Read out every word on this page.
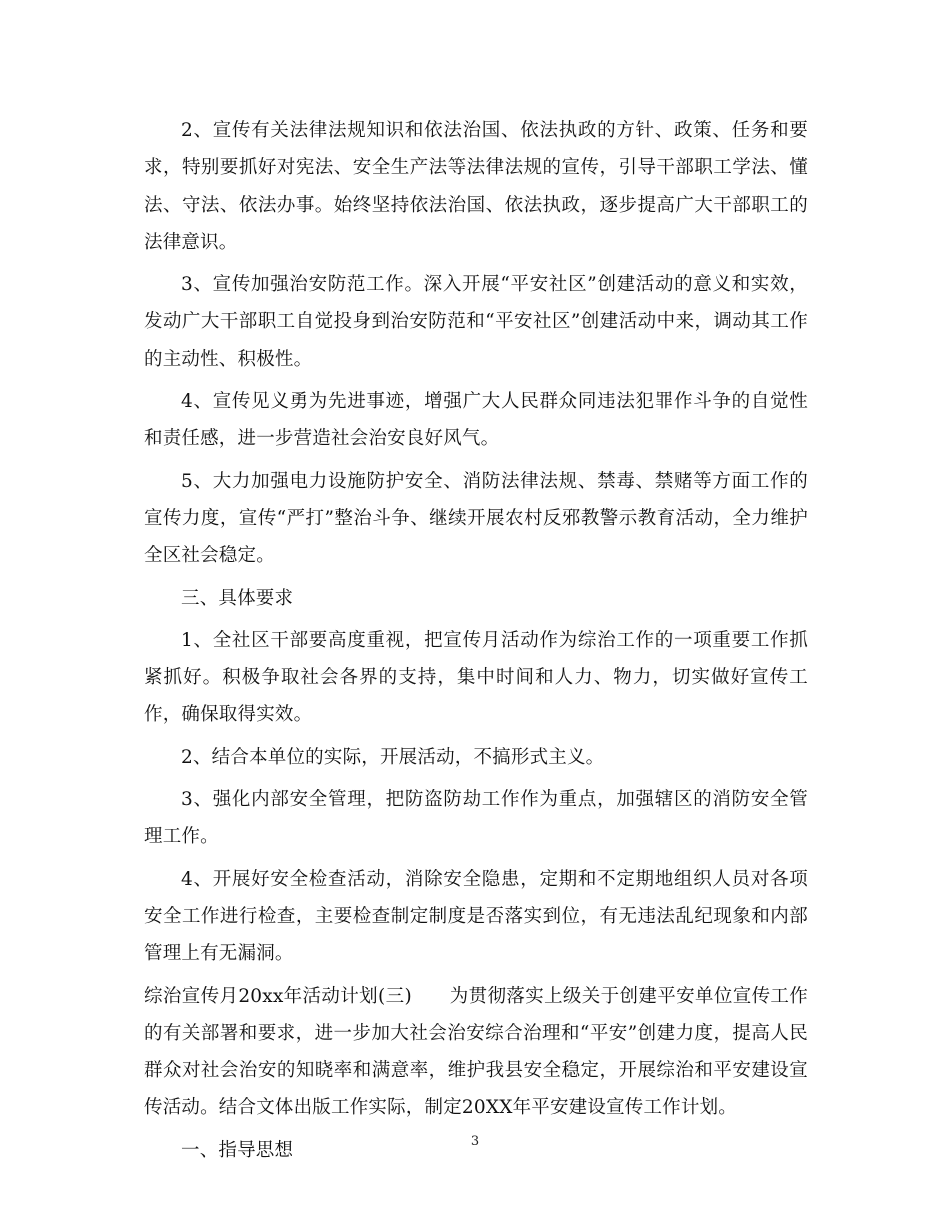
2、宣传有关法律法规知识和依法治国、依法执政的方针、政策、任务和要求，特别要抓好对宪法、安全生产法等法律法规的宣传，引导干部职工学法、懂法、守法、依法办事。始终坚持依法治国、依法执政，逐步提高广大干部职工的法律意识。

3、宣传加强治安防范工作。深入开展“平安社区”创建活动的意义和实效，发动广大干部职工自觉投身到治安防范和“平安社区”创建活动中来，调动其工作的主动性、积极性。

4、宣传见义勇为先进事迹，增强广大人民群众同违法犯罪作斗争的自觉性和责任感，进一步营造社会治安良好风气。

5、大力加强电力设施防护安全、消防法律法规、禁毒、禁赌等方面工作的宣传力度，宣传“严打”整治斗争、继续开展农村反邪教警示教育活动，全力维护全区社会稳定。

三、具体要求

1、全社区干部要高度重视，把宣传月活动作为综治工作的一项重要工作抓紧抓好。积极争取社会各界的支持，集中时间和人力、物力，切实做好宣传工作，确保取得实效。

2、结合本单位的实际，开展活动，不搞形式主义。

3、强化内部安全管理，把防盗防劫工作作为重点，加强辖区的消防安全管理工作。

4、开展好安全检查活动，消除安全隐患，定期和不定期地组织人员对各项安全工作进行检查，主要检查制定制度是否落实到位，有无违法乱纪现象和内部管理上有无漏洞。

综治宣传月20xx年活动计划(三)　　为贯彻落实上级关于创建平安单位宣传工作的有关部署和要求，进一步加大社会治安综合治理和“平安”创建力度，提高人民群众对社会治安的知晓率和满意率，维护我县安全稳定，开展综治和平安建设宣传活动。结合文体出版工作实际，制定20XX年平安建设宣传工作计划。

一、指导思想	3
